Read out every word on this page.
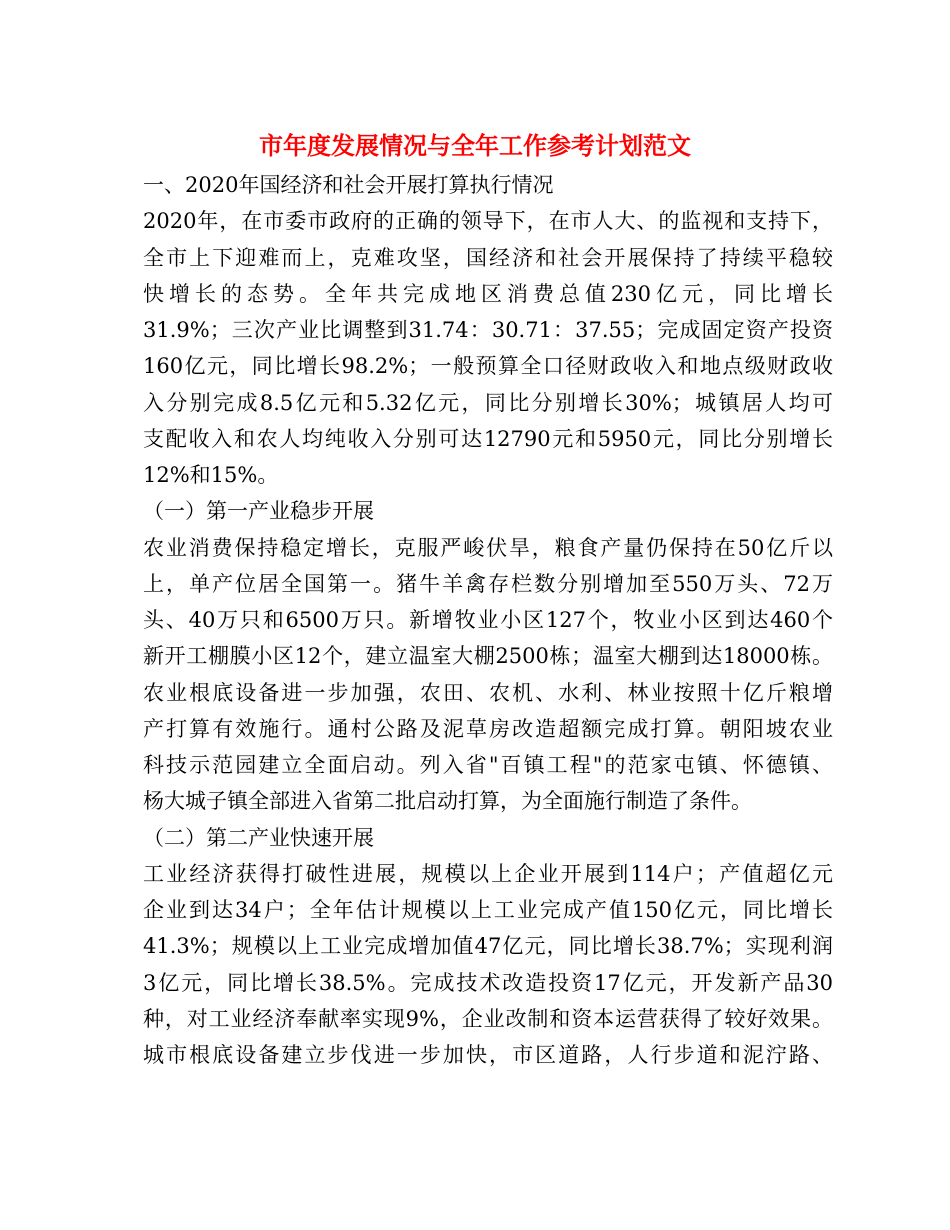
市年度发展情况与全年工作参考计划范文
一、2020年国经济和社会开展打算执行情况
2020年，在市委市政府的正确的领导下，在市人大、的监视和支持下，
全市上下迎难而上，克难攻坚，国经济和社会开展保持了持续平稳较
快增长的态势。全年共完成地区消费总值230亿元，同比增长
31.9%；三次产业比调整到31.74：30.71：37.55；完成固定资产投资
160亿元，同比增长98.2%；一般预算全口径财政收入和地点级财政收
入分别完成8.5亿元和5.32亿元，同比分别增长30%；城镇居人均可
支配收入和农人均纯收入分别可达12790元和5950元，同比分别增长
12%和15%。
（一）第一产业稳步开展
农业消费保持稳定增长，克服严峻伏旱，粮食产量仍保持在50亿斤以
上，单产位居全国第一。猪牛羊禽存栏数分别增加至550万头、72万
头、40万只和6500万只。新增牧业小区127个，牧业小区到达460个
新开工棚膜小区12个，建立温室大棚2500栋；温室大棚到达18000栋。
农业根底设备进一步加强，农田、农机、水利、林业按照十亿斤粮增
产打算有效施行。通村公路及泥草房改造超额完成打算。朝阳坡农业
科技示范园建立全面启动。列入省"百镇工程"的范家屯镇、怀德镇、
杨大城子镇全部进入省第二批启动打算，为全面施行制造了条件。
（二）第二产业快速开展
工业经济获得打破性进展，规模以上企业开展到114户；产值超亿元
企业到达34户；全年估计规模以上工业完成产值150亿元，同比增长
41.3%；规模以上工业完成增加值47亿元，同比增长38.7%；实现利润
3亿元，同比增长38.5%。完成技术改造投资17亿元，开发新产品30
种，对工业经济奉献率实现9%，企业改制和资本运营获得了较好效果。
城市根底设备建立步伐进一步加快，市区道路，人行步道和泥泞路、
